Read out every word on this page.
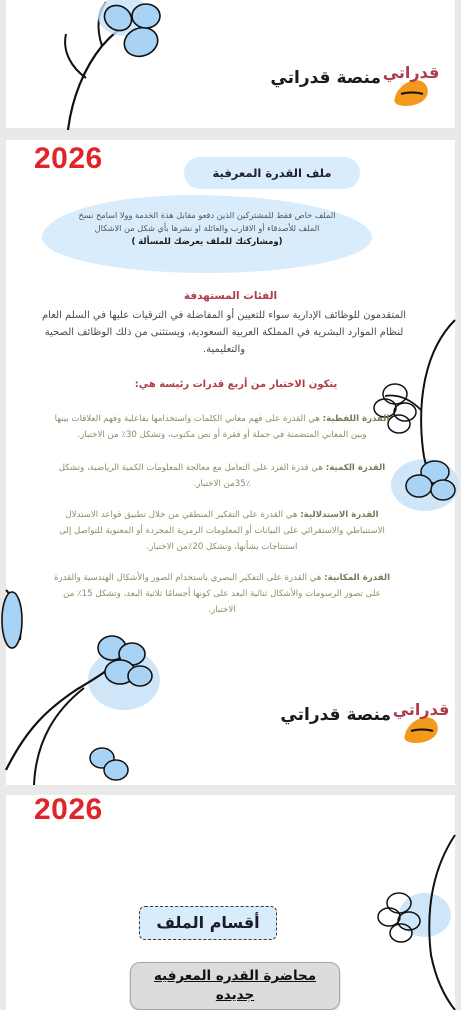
قدراتي
منصة قدراتي
2026	ملف القدرة المعرفية
الملف خاص فقط للمشتركين الذين دفعو مقابل هذة الخدمة وولا اسامح نسخ
الملف للأصدقاء أو الاقارب والعائلة او نشرها بأي شكل من الاشكال
(ومشاركتك للملف يعرضك للمسألة )
الفئات المستهدفة
المتقدمون للوظائف الإدارية سواء للتعيين أو المفاضلة في الترقيات عليها في السلم العام
لنظام الموارد البشرية في المملكة العربية السعودية، ويستثنى من ذلك الوظائف الصحية
والتعليمية.
يتكون الاختبار من أربع قدرات رئيسة هي:
القدرة اللفظية: هي القدرة على فهم معاني الكلمات واستخدامها بفاعلية وفهم العلاقات بينها
وبين المعاني المتضمنة في جملة أو فقرة أو نص مكتوب، وتشكل 30٪ من الاختبار.
القدرة الكمية: هي قدرة الفرد على التعامل مع معالجة المعلومات الكمية الرياضية، وتشكل
35٪من الاختبار.
القدرة الاستدلالية: هي القدرة على التفكير المنطقي من خلال تطبيق قواعد الاستدلال
الاستنباطي والاستقرائي على البيانات أو المعلومات الرمزية المجردة أو المعنوية للتواصل إلى
استنتاجات بشأنها، وتشكل 20٪من الاختبار.
القدرة المكانية: هي القدرة على التفكير البصري باستخدام الصور والأشكال الهندسية والقدرة
على تصور الرسومات والأشكال ثنائية البعد على كونها أجسامًا ثلاثية البعد، وتشكل 15٪ من
الاختبار.
قدراتي
منصة قدراتي
2026
أقسام الملف
محاضرة القدره المعرفيه
جديده
